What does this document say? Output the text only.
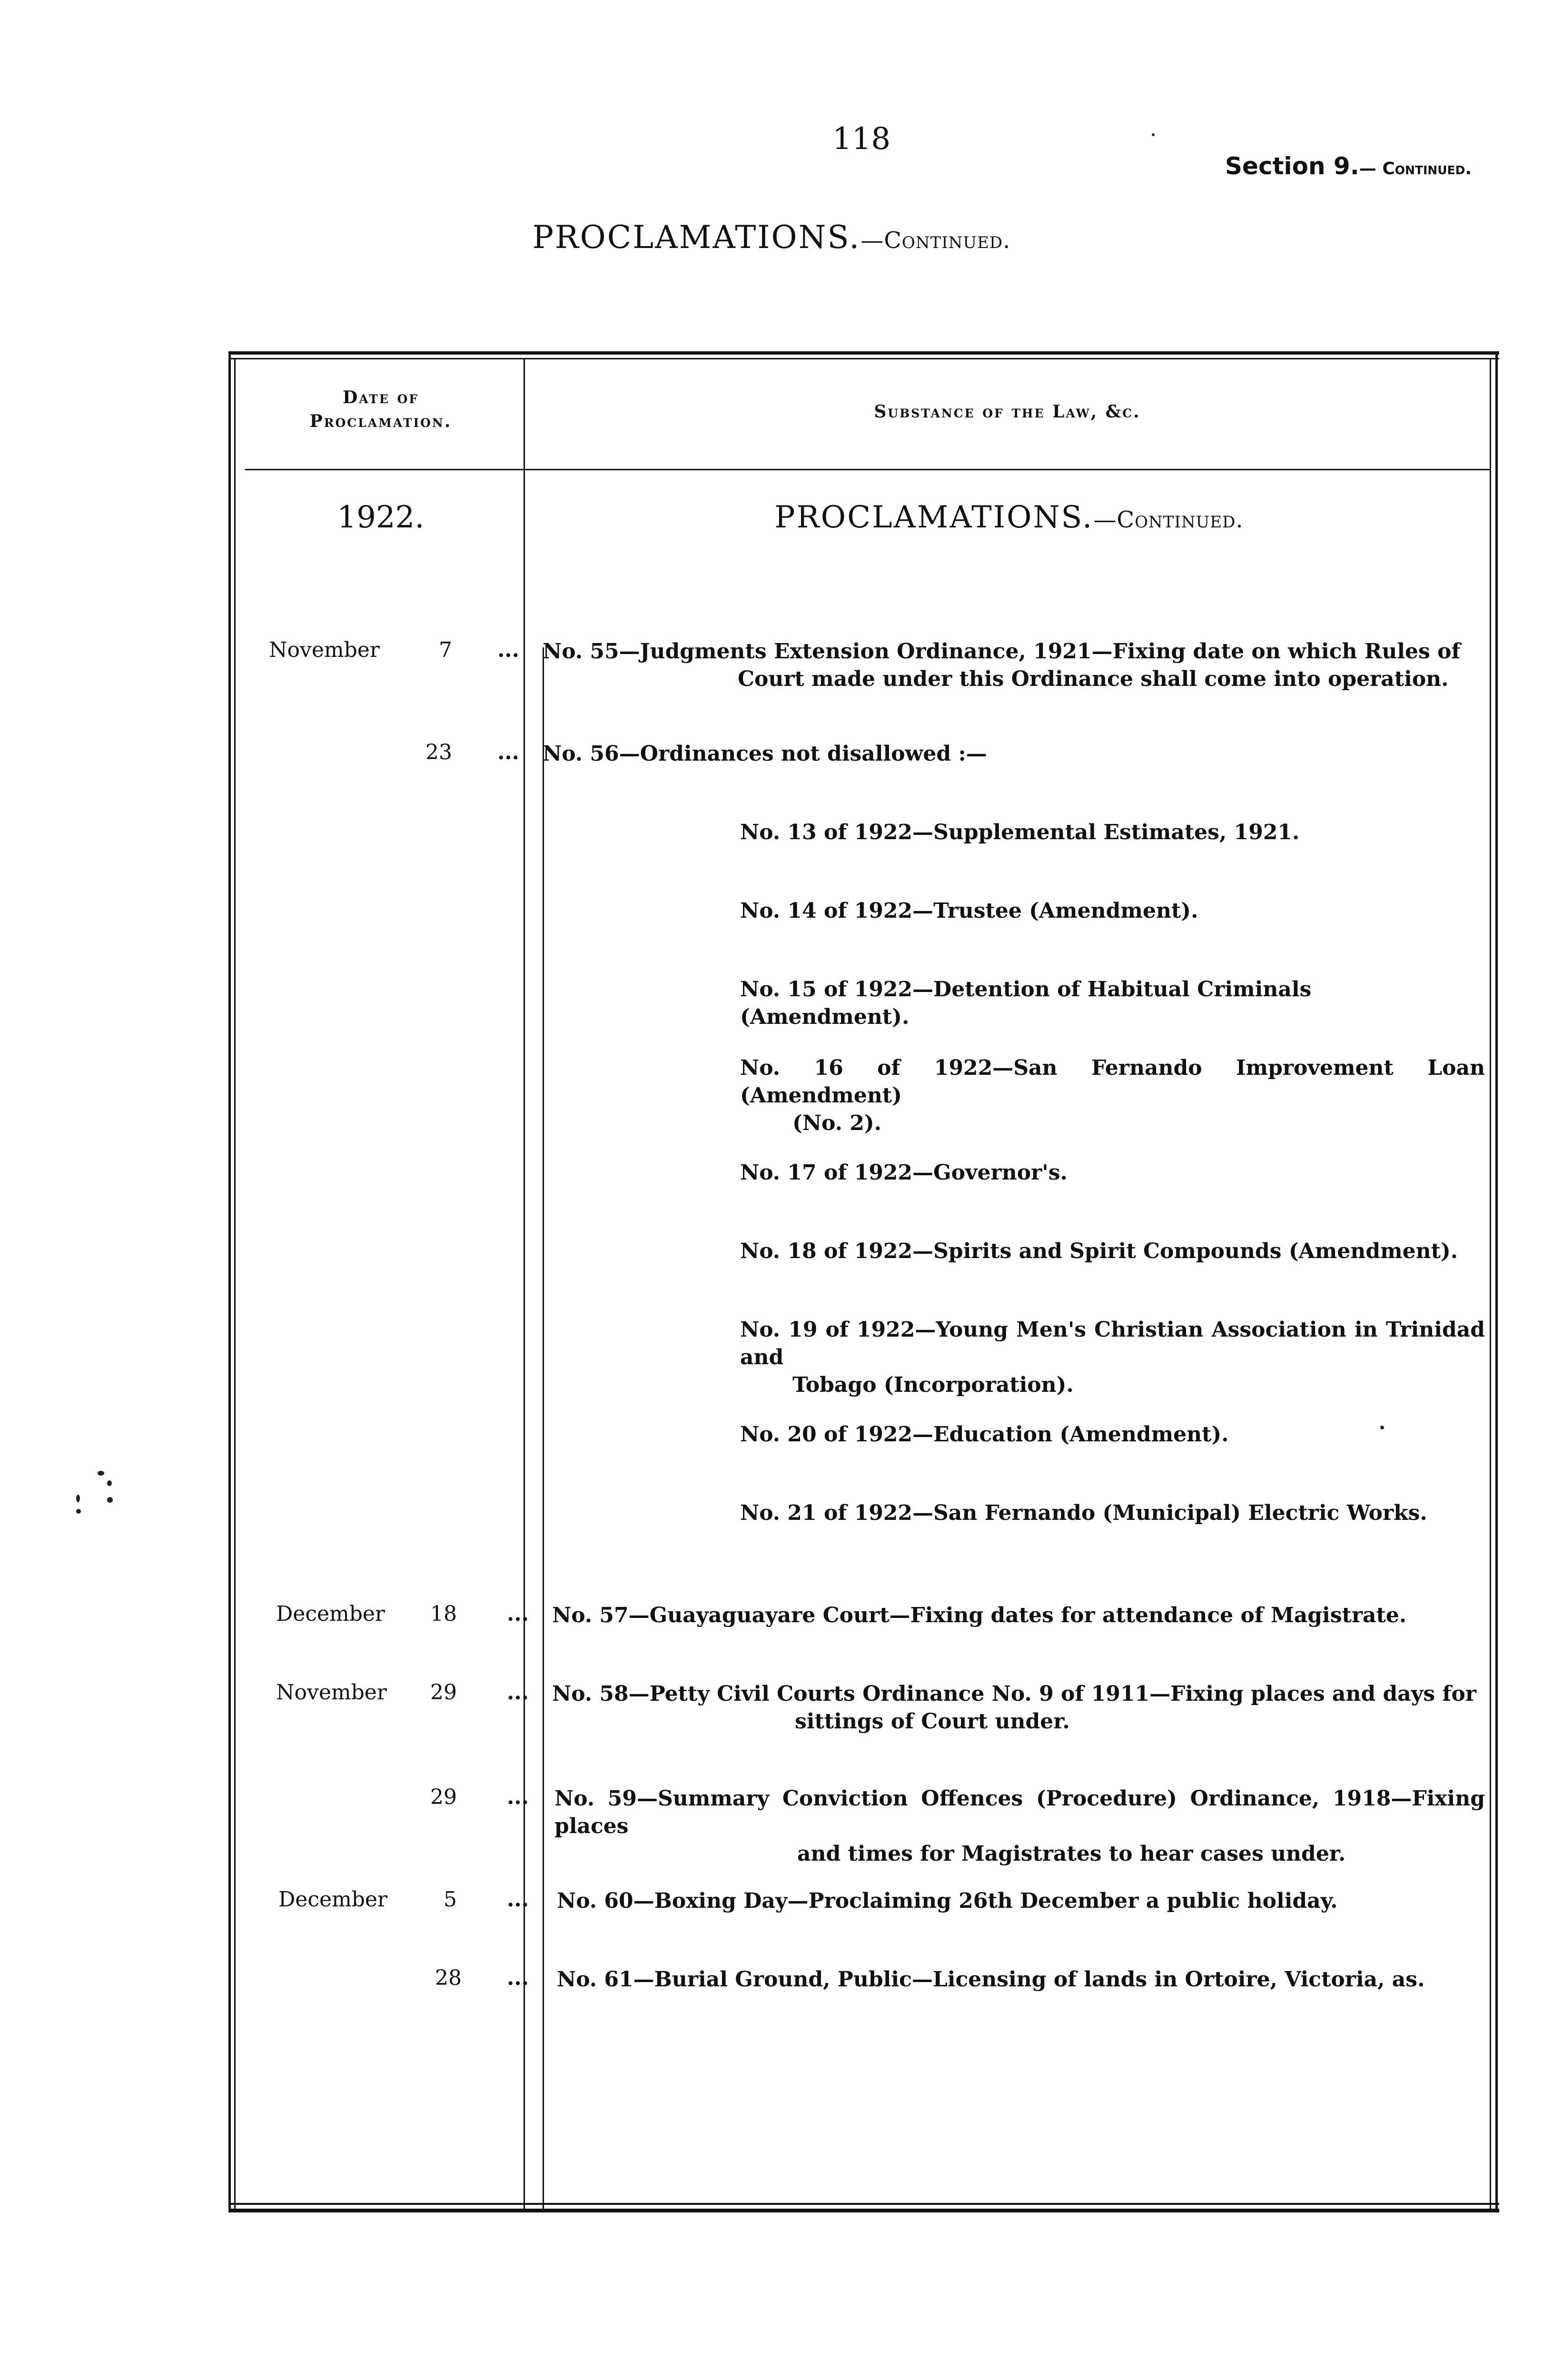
118
Section 9.— Continued.
PROCLAMATIONS.—Continued.
Date of
Proclamation.	Substance of the Law, &c.
1922.	PROCLAMATIONS.—Continued.
November	7 ... No. 55—Judgments Extension Ordinance, 1921—Fixing date on which Rules of
Court made under this Ordinance shall come into operation.
23 ... No. 56—Ordinances not disallowed :—
No. 13 of 1922—Supplemental Estimates, 1921.
No. 14 of 1922—Trustee (Amendment).
No. 15 of 1922—Detention of Habitual Criminals (Amendment).
No. 16 of 1922—San Fernando Improvement Loan (Amendment)
(No. 2).
No. 17 of 1922—Governor's.
No. 18 of 1922—Spirits and Spirit Compounds (Amendment).
No. 19 of 1922—Young Men's Christian Association in Trinidad and
Tobago (Incorporation).
No. 20 of 1922—Education (Amendment).
No. 21 of 1922—San Fernando (Municipal) Electric Works.
December	18 ... No. 57—Guayaguayare Court—Fixing dates for attendance of Magistrate.
November	29 ... No. 58—Petty Civil Courts Ordinance No. 9 of 1911—Fixing places and days for
sittings of Court under.
29 ... No. 59—Summary Conviction Offences (Procedure) Ordinance, 1918—Fixing places
and times for Magistrates to hear cases under.
December	5 ... No. 60—Boxing Day—Proclaiming 26th December a public holiday.
28 ... No. 61—Burial Ground, Public—Licensing of lands in Ortoire, Victoria, as.
